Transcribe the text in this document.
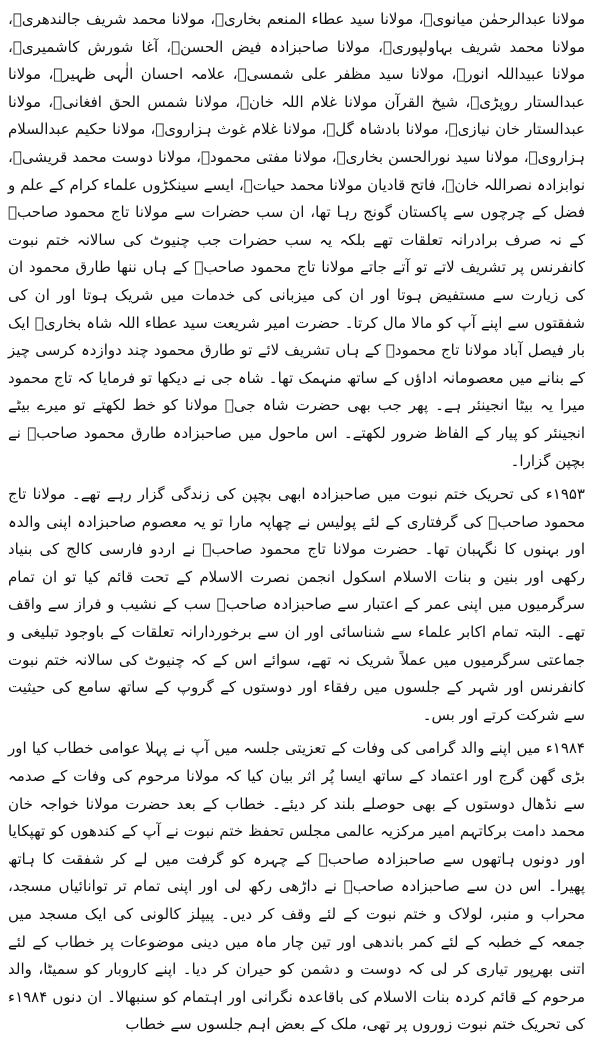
مولانا عبدالرحمٰن میانویؒ، مولانا سید عطاء المنعم بخاریؒ، مولانا محمد شریف جالندھریؒ، مولانا محمد شریف بہاولپوریؒ، مولانا صاحبزادہ فیض الحسنؒ، آغا شورش کاشمیریؒ، مولانا عبیداللہ انورؒ، مولانا سید مظفر علی شمسیؒ، علامہ احسان الٰہی ظہیرؒ، مولانا عبدالستار روپڑیؒ، شیخ القرآن مولانا غلام اللہ خانؒ، مولانا شمس الحق افغانیؒ، مولانا عبدالستار خان نیازیؒ، مولانا بادشاہ گلؒ، مولانا غلام غوث ہزارویؒ، مولانا حکیم عبدالسلام ہزارویؒ، مولانا سید نورالحسن بخاریؒ، مولانا مفتی محمودؒ، مولانا دوست محمد قریشیؒ، نوابزادہ نصراللہ خانؒ، فاتح قادیان مولانا محمد حیاتؒ، ایسے سینکڑوں علماء کرام کے علم و فضل کے چرچوں سے پاکستان گونج رہا تھا، ان سب حضرات سے مولانا تاج محمود صاحبؒ کے نہ صرف برادرانہ تعلقات تھے بلکہ یہ سب حضرات جب چنیوٹ کی سالانہ ختم نبوت کانفرنس پر تشریف لاتے تو آتے جاتے مولانا تاج محمود صاحبؒ کے ہاں ننھا طارق محمود ان کی زیارت سے مستفیض ہوتا اور ان کی میزبانی کی خدمات میں شریک ہوتا اور ان کی شفقتوں سے اپنے آپ کو مالا مال کرتا۔ حضرت امیر شریعت سید عطاء اللہ شاہ بخاریؒ ایک بار فیصل آباد مولانا تاج محمودؒ کے ہاں تشریف لائے تو طارق محمود چند دوازدہ کرسی چیز کے بنانے میں معصومانہ اداؤں کے ساتھ منہمک تھا۔ شاہ جی نے دیکھا تو فرمایا کہ تاج محمود میرا یہ بیٹا انجینئر ہے۔ پھر جب بھی حضرت شاہ جیؒ مولانا کو خط لکھتے تو میرے بیٹے انجینئر کو پیار کے الفاظ ضرور لکھتے۔ اس ماحول میں صاحبزادہ طارق محمود صاحبؒ نے بچپن گزارا۔

۱۹۵۳ء کی تحریک ختم نبوت میں صاحبزادہ ابھی بچپن کی زندگی گزار رہے تھے۔ مولانا تاج محمود صاحبؒ کی گرفتاری کے لئے پولیس نے چھاپہ مارا تو یہ معصوم صاحبزادہ اپنی والدہ اور بہنوں کا نگہبان تھا۔ حضرت مولانا تاج محمود صاحبؒ نے اردو فارسی کالج کی بنیاد رکھی اور بنین و بنات الاسلام اسکول انجمن نصرت الاسلام کے تحت قائم کیا تو ان تمام سرگرمیوں میں اپنی عمر کے اعتبار سے صاحبزادہ صاحبؒ سب کے نشیب و فراز سے واقف تھے۔ البتہ تمام اکابر علماء سے شناسائی اور ان سے برخوردارانہ تعلقات کے باوجود تبلیغی و جماعتی سرگرمیوں میں عملاً شریک نہ تھے، سوائے اس کے کہ چنیوٹ کی سالانہ ختم نبوت کانفرنس اور شہر کے جلسوں میں رفقاء اور دوستوں کے گروپ کے ساتھ سامع کی حیثیت سے شرکت کرتے اور بس۔

۱۹۸۴ء میں اپنے والد گرامی کی وفات کے تعزیتی جلسہ میں آپ نے پہلا عوامی خطاب کیا اور بڑی گھن گرج اور اعتماد کے ساتھ ایسا پُر اثر بیان کیا کہ مولانا مرحوم کی وفات کے صدمہ سے نڈھال دوستوں کے بھی حوصلے بلند کر دیئے۔ خطاب کے بعد حضرت مولانا خواجہ خان محمد دامت برکاتہم امیر مرکزیہ عالمی مجلس تحفظ ختم نبوت نے آپ کے کندھوں کو تھپکایا اور دونوں ہاتھوں سے صاحبزادہ صاحبؒ کے چہرہ کو گرفت میں لے کر شفقت کا ہاتھ پھیرا۔ اس دن سے صاحبزادہ صاحبؒ نے داڑھی رکھ لی اور اپنی تمام تر توانائیاں مسجد، محراب و منبر، لولاک و ختم نبوت کے لئے وقف کر دیں۔ پیپلز کالونی کی ایک مسجد میں جمعہ کے خطبہ کے لئے کمر باندھی اور تین چار ماہ میں دینی موضوعات پر خطاب کے لئے اتنی بھرپور تیاری کر لی کہ دوست و دشمن کو حیران کر دیا۔ اپنے کاروبار کو سمیٹا، والد مرحوم کے قائم کردہ بنات الاسلام کی باقاعدہ نگرانی اور اہتمام کو سنبھالا۔ ان دنوں ۱۹۸۴ء کی تحریک ختم نبوت زوروں پر تھی، ملک کے بعض اہم جلسوں سے خطاب
